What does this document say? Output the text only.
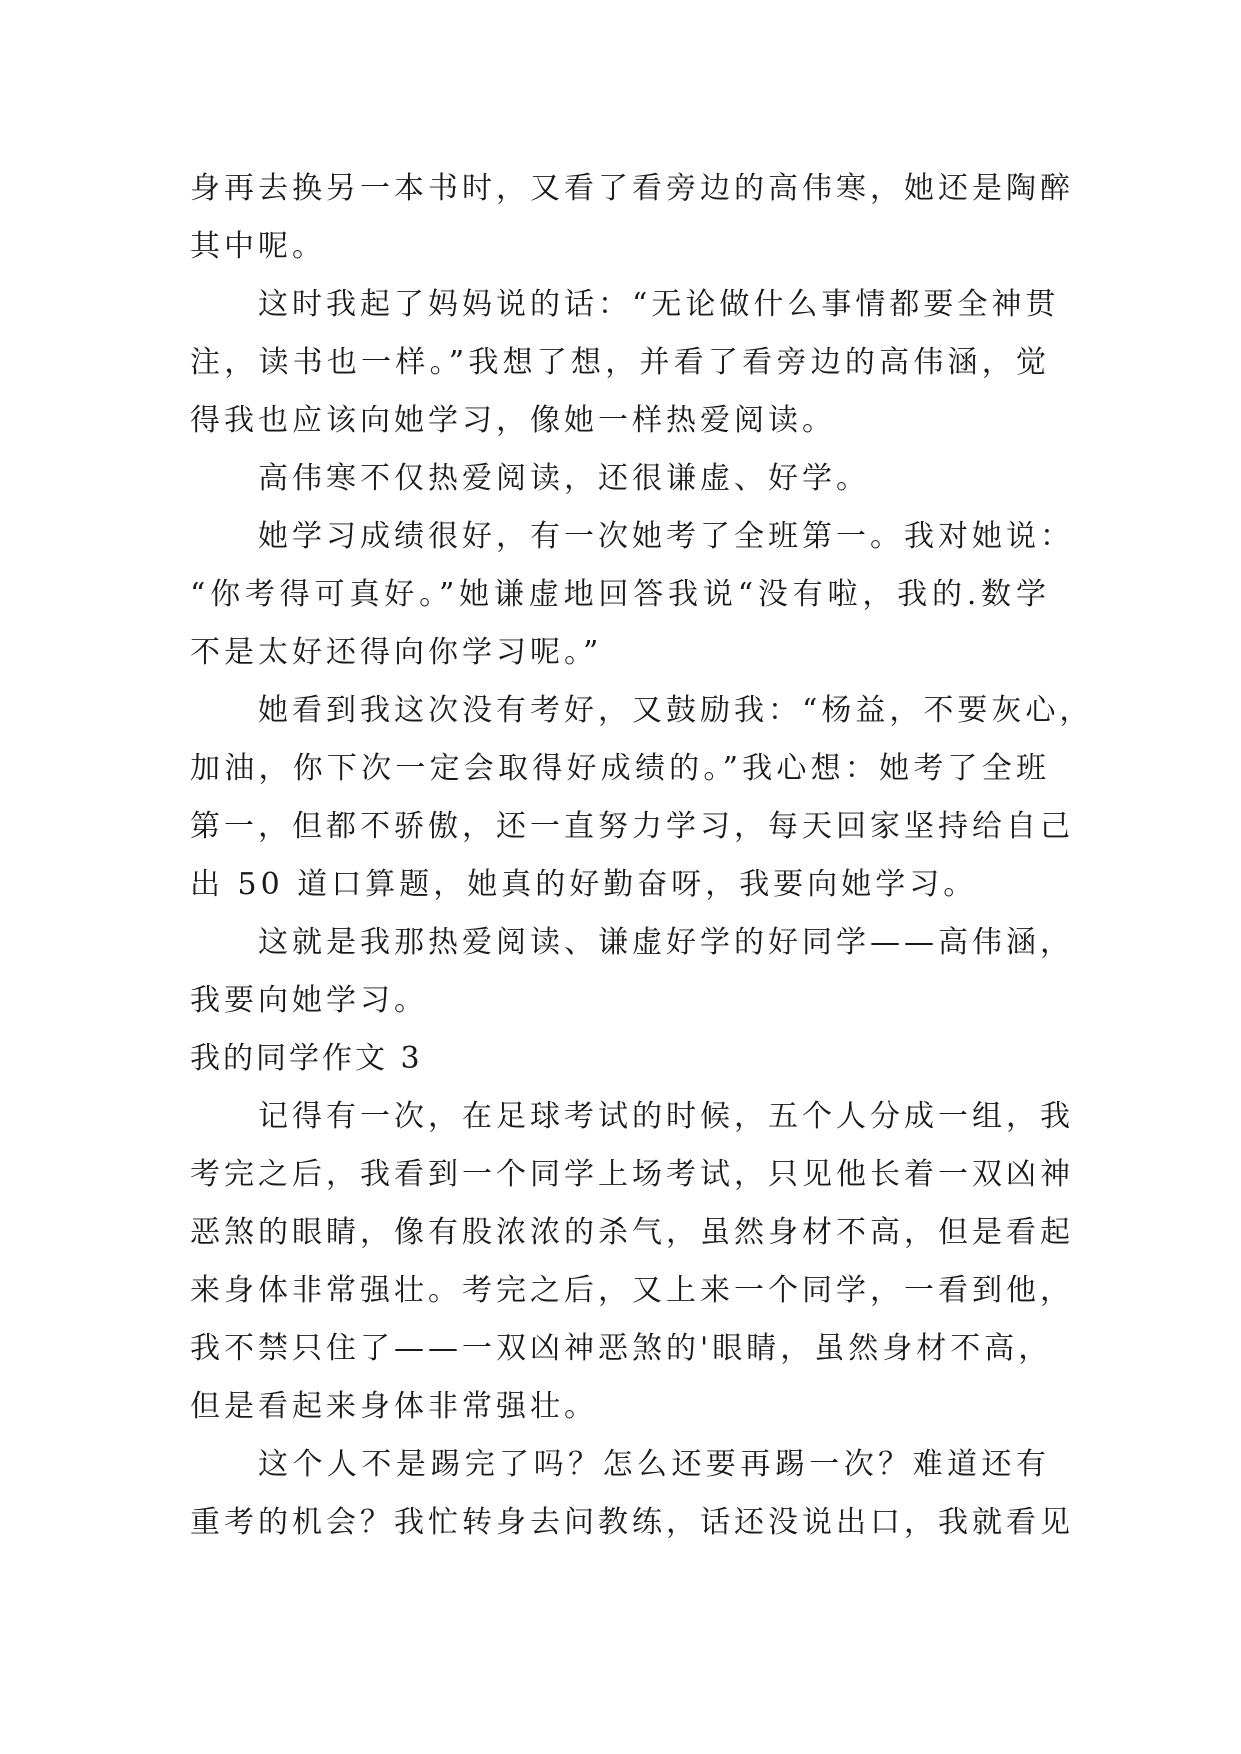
身再去换另一本书时，又看了看旁边的高伟寒，她还是陶醉
其中呢。
这时我起了妈妈说的话：“无论做什么事情都要全神贯
注，读书也一样。”我想了想，并看了看旁边的高伟涵，觉
得我也应该向她学习，像她一样热爱阅读。
高伟寒不仅热爱阅读，还很谦虚、好学。
她学习成绩很好，有一次她考了全班第一。我对她说：
“你考得可真好。”她谦虚地回答我说“没有啦，我的.数学
不是太好还得向你学习呢。”
她看到我这次没有考好，又鼓励我：“杨益，不要灰心，
加油，你下次一定会取得好成绩的。”我心想：她考了全班
第一，但都不骄傲，还一直努力学习，每天回家坚持给自己
出 50 道口算题，她真的好勤奋呀，我要向她学习。
这就是我那热爱阅读、谦虚好学的好同学——高伟涵，
我要向她学习。
我的同学作文 3
记得有一次，在足球考试的时候，五个人分成一组，我
考完之后，我看到一个同学上场考试，只见他长着一双凶神
恶煞的眼睛，像有股浓浓的杀气，虽然身材不高，但是看起
来身体非常强壮。考完之后，又上来一个同学，一看到他，
我不禁只住了——一双凶神恶煞的'眼睛，虽然身材不高，
但是看起来身体非常强壮。
这个人不是踢完了吗？怎么还要再踢一次？难道还有
重考的机会？我忙转身去问教练，话还没说出口，我就看见
